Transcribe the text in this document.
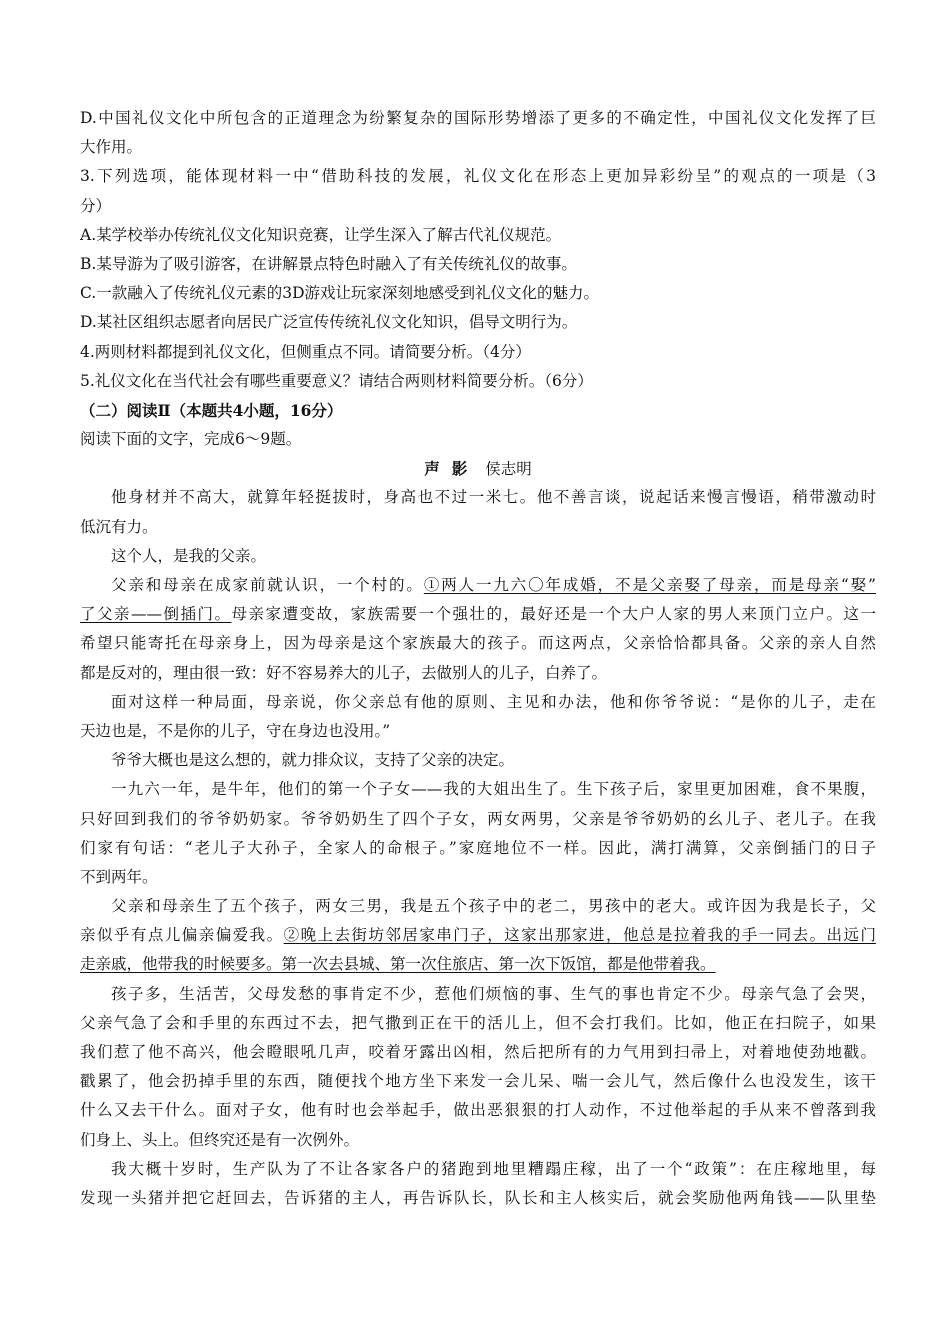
D.中国礼仪文化中所包含的正道理念为纷繁复杂的国际形势增添了更多的不确定性，中国礼仪文化发挥了巨
大作用。
3.下列选项，能体现材料一中“借助科技的发展，礼仪文化在形态上更加异彩纷呈”的观点的一项是（3
分）
A.某学校举办传统礼仪文化知识竞赛，让学生深入了解古代礼仪规范。
B.某导游为了吸引游客，在讲解景点特色时融入了有关传统礼仪的故事。
C.一款融入了传统礼仪元素的3D游戏让玩家深刻地感受到礼仪文化的魅力。
D.某社区组织志愿者向居民广泛宣传传统礼仪文化知识，倡导文明行为。
4.两则材料都提到礼仪文化，但侧重点不同。请简要分析。（4分）
5.礼仪文化在当代社会有哪些重要意义？请结合两则材料简要分析。（6分）
（二）阅读Ⅱ（本题共4小题，16分）
阅读下面的文字，完成6～9题。
声影 侯志明
他身材并不高大，就算年轻挺拔时，身高也不过一米七。他不善言谈，说起话来慢言慢语，稍带激动时
低沉有力。
这个人，是我的父亲。
父亲和母亲在成家前就认识，一个村的。①两人一九六〇年成婚，不是父亲娶了母亲，而是母亲“娶”
了父亲——倒插门。母亲家遭变故，家族需要一个强壮的，最好还是一个大户人家的男人来顶门立户。这一
希望只能寄托在母亲身上，因为母亲是这个家族最大的孩子。而这两点，父亲恰恰都具备。父亲的亲人自然
都是反对的，理由很一致：好不容易养大的儿子，去做别人的儿子，白养了。
面对这样一种局面，母亲说，你父亲总有他的原则、主见和办法，他和你爷爷说：“是你的儿子，走在
天边也是，不是你的儿子，守在身边也没用。”
爷爷大概也是这么想的，就力排众议，支持了父亲的决定。
一九六一年，是牛年，他们的第一个子女——我的大姐出生了。生下孩子后，家里更加困难，食不果腹，
只好回到我们的爷爷奶奶家。爷爷奶奶生了四个子女，两女两男，父亲是爷爷奶奶的幺儿子、老儿子。在我
们家有句话：“老儿子大孙子，全家人的命根子。”家庭地位不一样。因此，满打满算，父亲倒插门的日子
不到两年。
父亲和母亲生了五个孩子，两女三男，我是五个孩子中的老二，男孩中的老大。或许因为我是长子，父
亲似乎有点儿偏亲偏爱我。②晚上去街坊邻居家串门子，这家出那家进，他总是拉着我的手一同去。出远门
走亲戚，他带我的时候要多。第一次去县城、第一次住旅店、第一次下饭馆，都是他带着我。
孩子多，生活苦，父母发愁的事肯定不少，惹他们烦恼的事、生气的事也肯定不少。母亲气急了会哭，
父亲气急了会和手里的东西过不去，把气撒到正在干的活儿上，但不会打我们。比如，他正在扫院子，如果
我们惹了他不高兴，他会瞪眼吼几声，咬着牙露出凶相，然后把所有的力气用到扫帚上，对着地使劲地戳。
戳累了，他会扔掉手里的东西，随便找个地方坐下来发一会儿呆、喘一会儿气，然后像什么也没发生，该干
什么又去干什么。面对子女，他有时也会举起手，做出恶狠狠的打人动作，不过他举起的手从来不曾落到我
们身上、头上。但终究还是有一次例外。
我大概十岁时，生产队为了不让各家各户的猪跑到地里糟蹋庄稼，出了一个“政策”：在庄稼地里，每
发现一头猪并把它赶回去，告诉猪的主人，再告诉队长，队长和主人核实后，就会奖励他两角钱——队里垫
